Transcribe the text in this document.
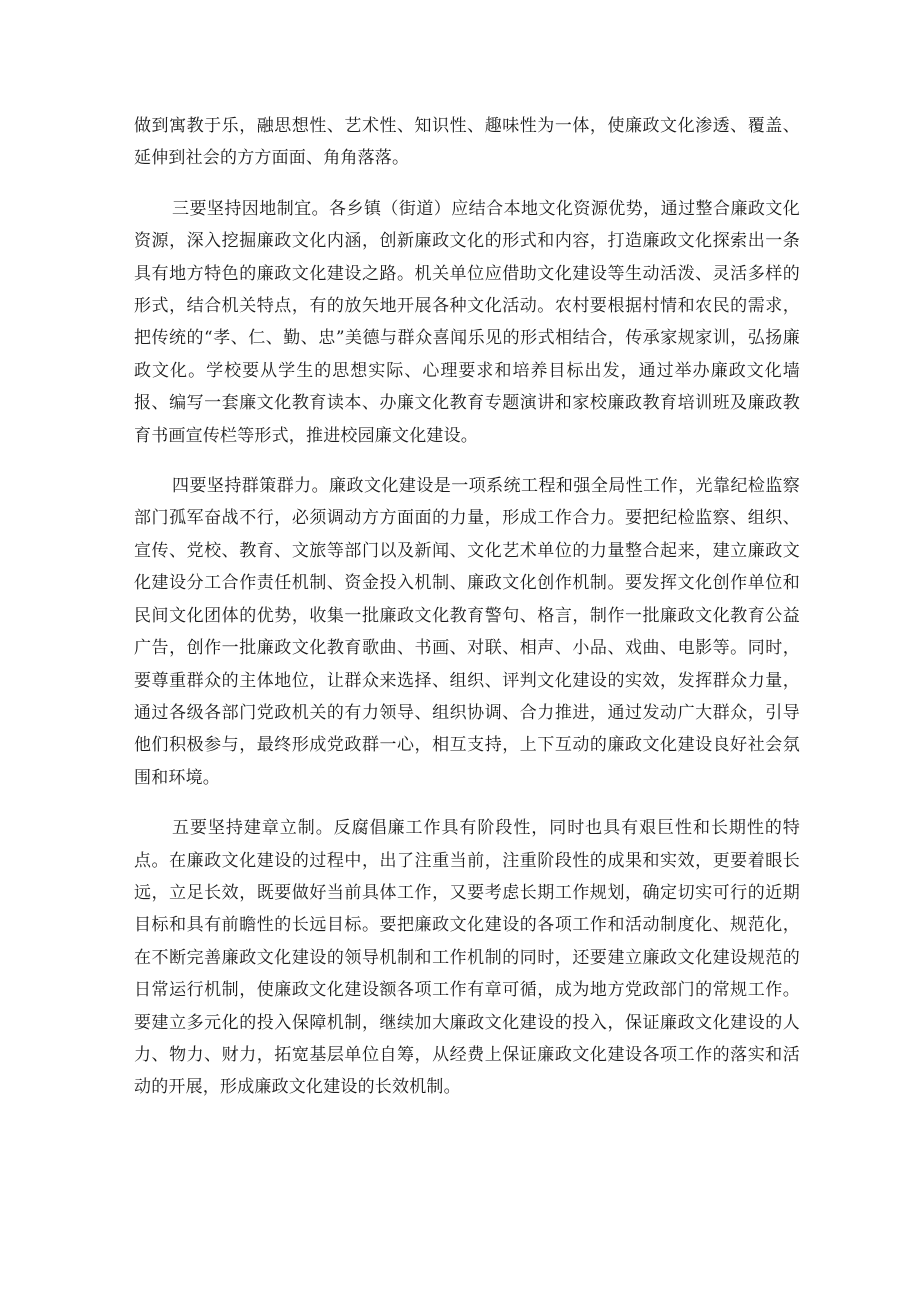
做到寓教于乐，融思想性、艺术性、知识性、趣味性为一体，使廉政文化渗透、覆盖、延伸到社会的方方面面、角角落落。

三要坚持因地制宜。各乡镇（街道）应结合本地文化资源优势，通过整合廉政文化资源，深入挖掘廉政文化内涵，创新廉政文化的形式和内容，打造廉政文化探索出一条具有地方特色的廉政文化建设之路。机关单位应借助文化建设等生动活泼、灵活多样的形式，结合机关特点，有的放矢地开展各种文化活动。农村要根据村情和农民的需求，把传统的“孝、仁、勤、忠”美德与群众喜闻乐见的形式相结合，传承家规家训，弘扬廉政文化。学校要从学生的思想实际、心理要求和培养目标出发，通过举办廉政文化墙报、编写一套廉文化教育读本、办廉文化教育专题演讲和家校廉政教育培训班及廉政教育书画宣传栏等形式，推进校园廉文化建设。

四要坚持群策群力。廉政文化建设是一项系统工程和强全局性工作，光靠纪检监察部门孤军奋战不行，必须调动方方面面的力量，形成工作合力。要把纪检监察、组织、宣传、党校、教育、文旅等部门以及新闻、文化艺术单位的力量整合起来，建立廉政文化建设分工合作责任机制、资金投入机制、廉政文化创作机制。要发挥文化创作单位和民间文化团体的优势，收集一批廉政文化教育警句、格言，制作一批廉政文化教育公益广告，创作一批廉政文化教育歌曲、书画、对联、相声、小品、戏曲、电影等。同时，要尊重群众的主体地位，让群众来选择、组织、评判文化建设的实效，发挥群众力量，通过各级各部门党政机关的有力领导、组织协调、合力推进，通过发动广大群众，引导他们积极参与，最终形成党政群一心，相互支持，上下互动的廉政文化建设良好社会氛围和环境。

五要坚持建章立制。反腐倡廉工作具有阶段性，同时也具有艰巨性和长期性的特点。在廉政文化建设的过程中，出了注重当前，注重阶段性的成果和实效，更要着眼长远，立足长效，既要做好当前具体工作，又要考虑长期工作规划，确定切实可行的近期目标和具有前瞻性的长远目标。要把廉政文化建设的各项工作和活动制度化、规范化，在不断完善廉政文化建设的领导机制和工作机制的同时，还要建立廉政文化建设规范的日常运行机制，使廉政文化建设额各项工作有章可循，成为地方党政部门的常规工作。要建立多元化的投入保障机制，继续加大廉政文化建设的投入，保证廉政文化建设的人力、物力、财力，拓宽基层单位自筹，从经费上保证廉政文化建设各项工作的落实和活动的开展，形成廉政文化建设的长效机制。
